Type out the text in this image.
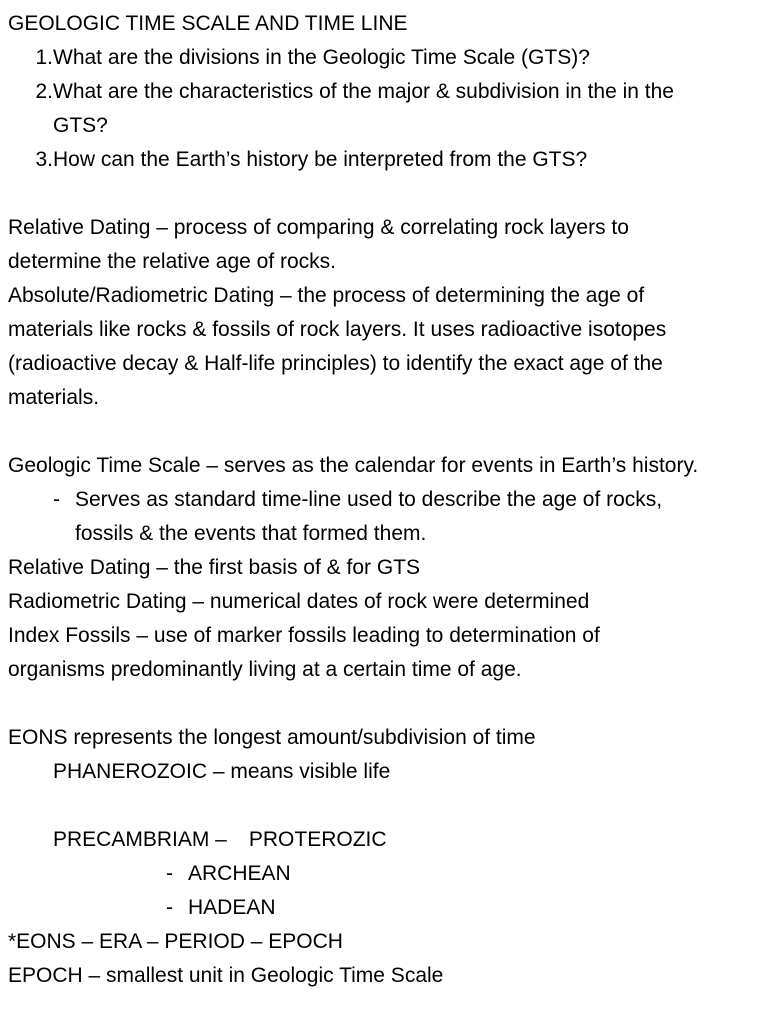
GEOLOGIC TIME SCALE AND TIME LINE
1. What are the divisions in the Geologic Time Scale (GTS)?
2. What are the characteristics of the major & subdivision in the in the
GTS?
3. How can the Earth’s history be interpreted from the GTS?
Relative Dating – process of comparing & correlating rock layers to
determine the relative age of rocks.
Absolute/Radiometric Dating – the process of determining the age of
materials like rocks & fossils of rock layers. It uses radioactive isotopes
(radioactive decay & Half-life principles) to identify the exact age of the
materials.
Geologic Time Scale – serves as the calendar for events in Earth’s history.
- Serves as standard time-line used to describe the age of rocks,
fossils & the events that formed them.
Relative Dating – the first basis of & for GTS
Radiometric Dating – numerical dates of rock were determined
Index Fossils – use of marker fossils leading to determination of
organisms predominantly living at a certain time of age.
EONS represents the longest amount/subdivision of time
PHANEROZOIC – means visible life
PRECAMBRIAM – PROTEROZIC
- ARCHEAN
- HADEAN
*EONS – ERA – PERIOD – EPOCH
EPOCH – smallest unit in Geologic Time Scale
